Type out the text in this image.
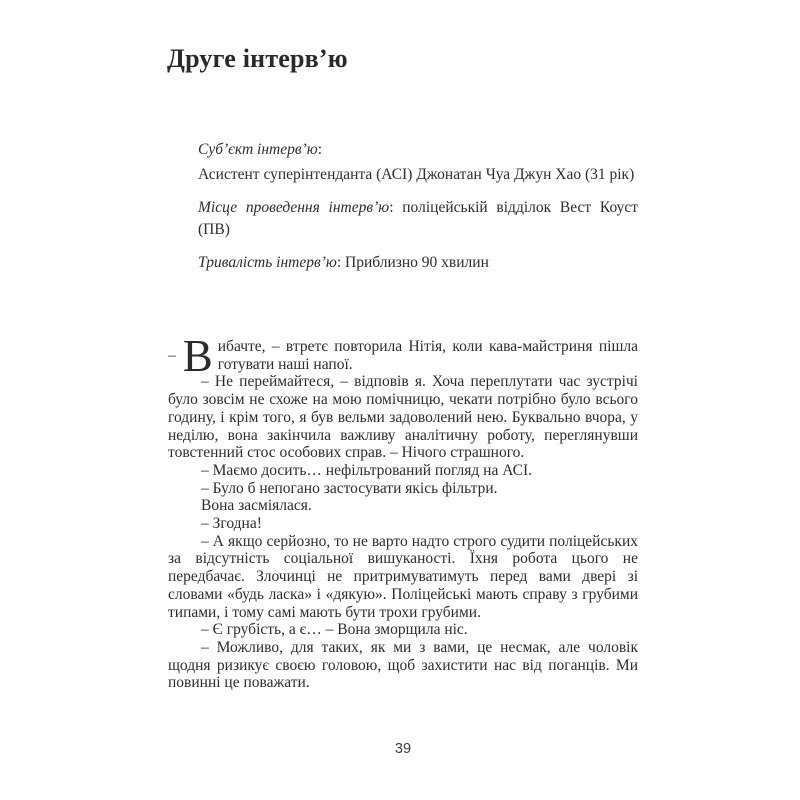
Друге інтерв’ю

Суб’єкт інтерв’ю:

Асистент суперінтенданта (АСІ) Джонатан Чуа Джун Хао (31 рік)

Місце проведення інтерв’ю: поліцейській відділок Вест Коуст (ПВ)

Тривалість інтерв’ю: Приблизно 90 хвилин

– В ибачте, – втретє повторила Нітія, коли кава-майстриня пішла готувати наші напої.

– Не переймайтеся, – відповів я. Хоча переплутати час зустрічі було зовсім не схоже на мою помічницю, чекати потрібно було всього годину, і крім того, я був вельми задоволений нею. Буквально вчора, у неділю, вона закінчила важливу аналітичну роботу, переглянувши товстенний стос особових справ. – Нічого страшного.

– Маємо досить… нефільтрований погляд на АСІ.

– Було б непогано застосувати якісь фільтри.

Вона засміялася.

– Згодна!

– А якщо серйозно, то не варто надто строго судити поліцейських за відсутність соціальної вишуканості. Їхня робота цього не передбачає. Злочинці не притримуватимуть перед вами двері зі словами «будь ласка» і «дякую». Поліцейські мають справу з грубими типами, і тому самі мають бути трохи грубими.

– Є грубість, а є… – Вона зморщила ніс.

– Можливо, для таких, як ми з вами, це несмак, але чоловік щодня ризикує своєю головою, щоб захистити нас від поганців. Ми повинні це поважати.

39
